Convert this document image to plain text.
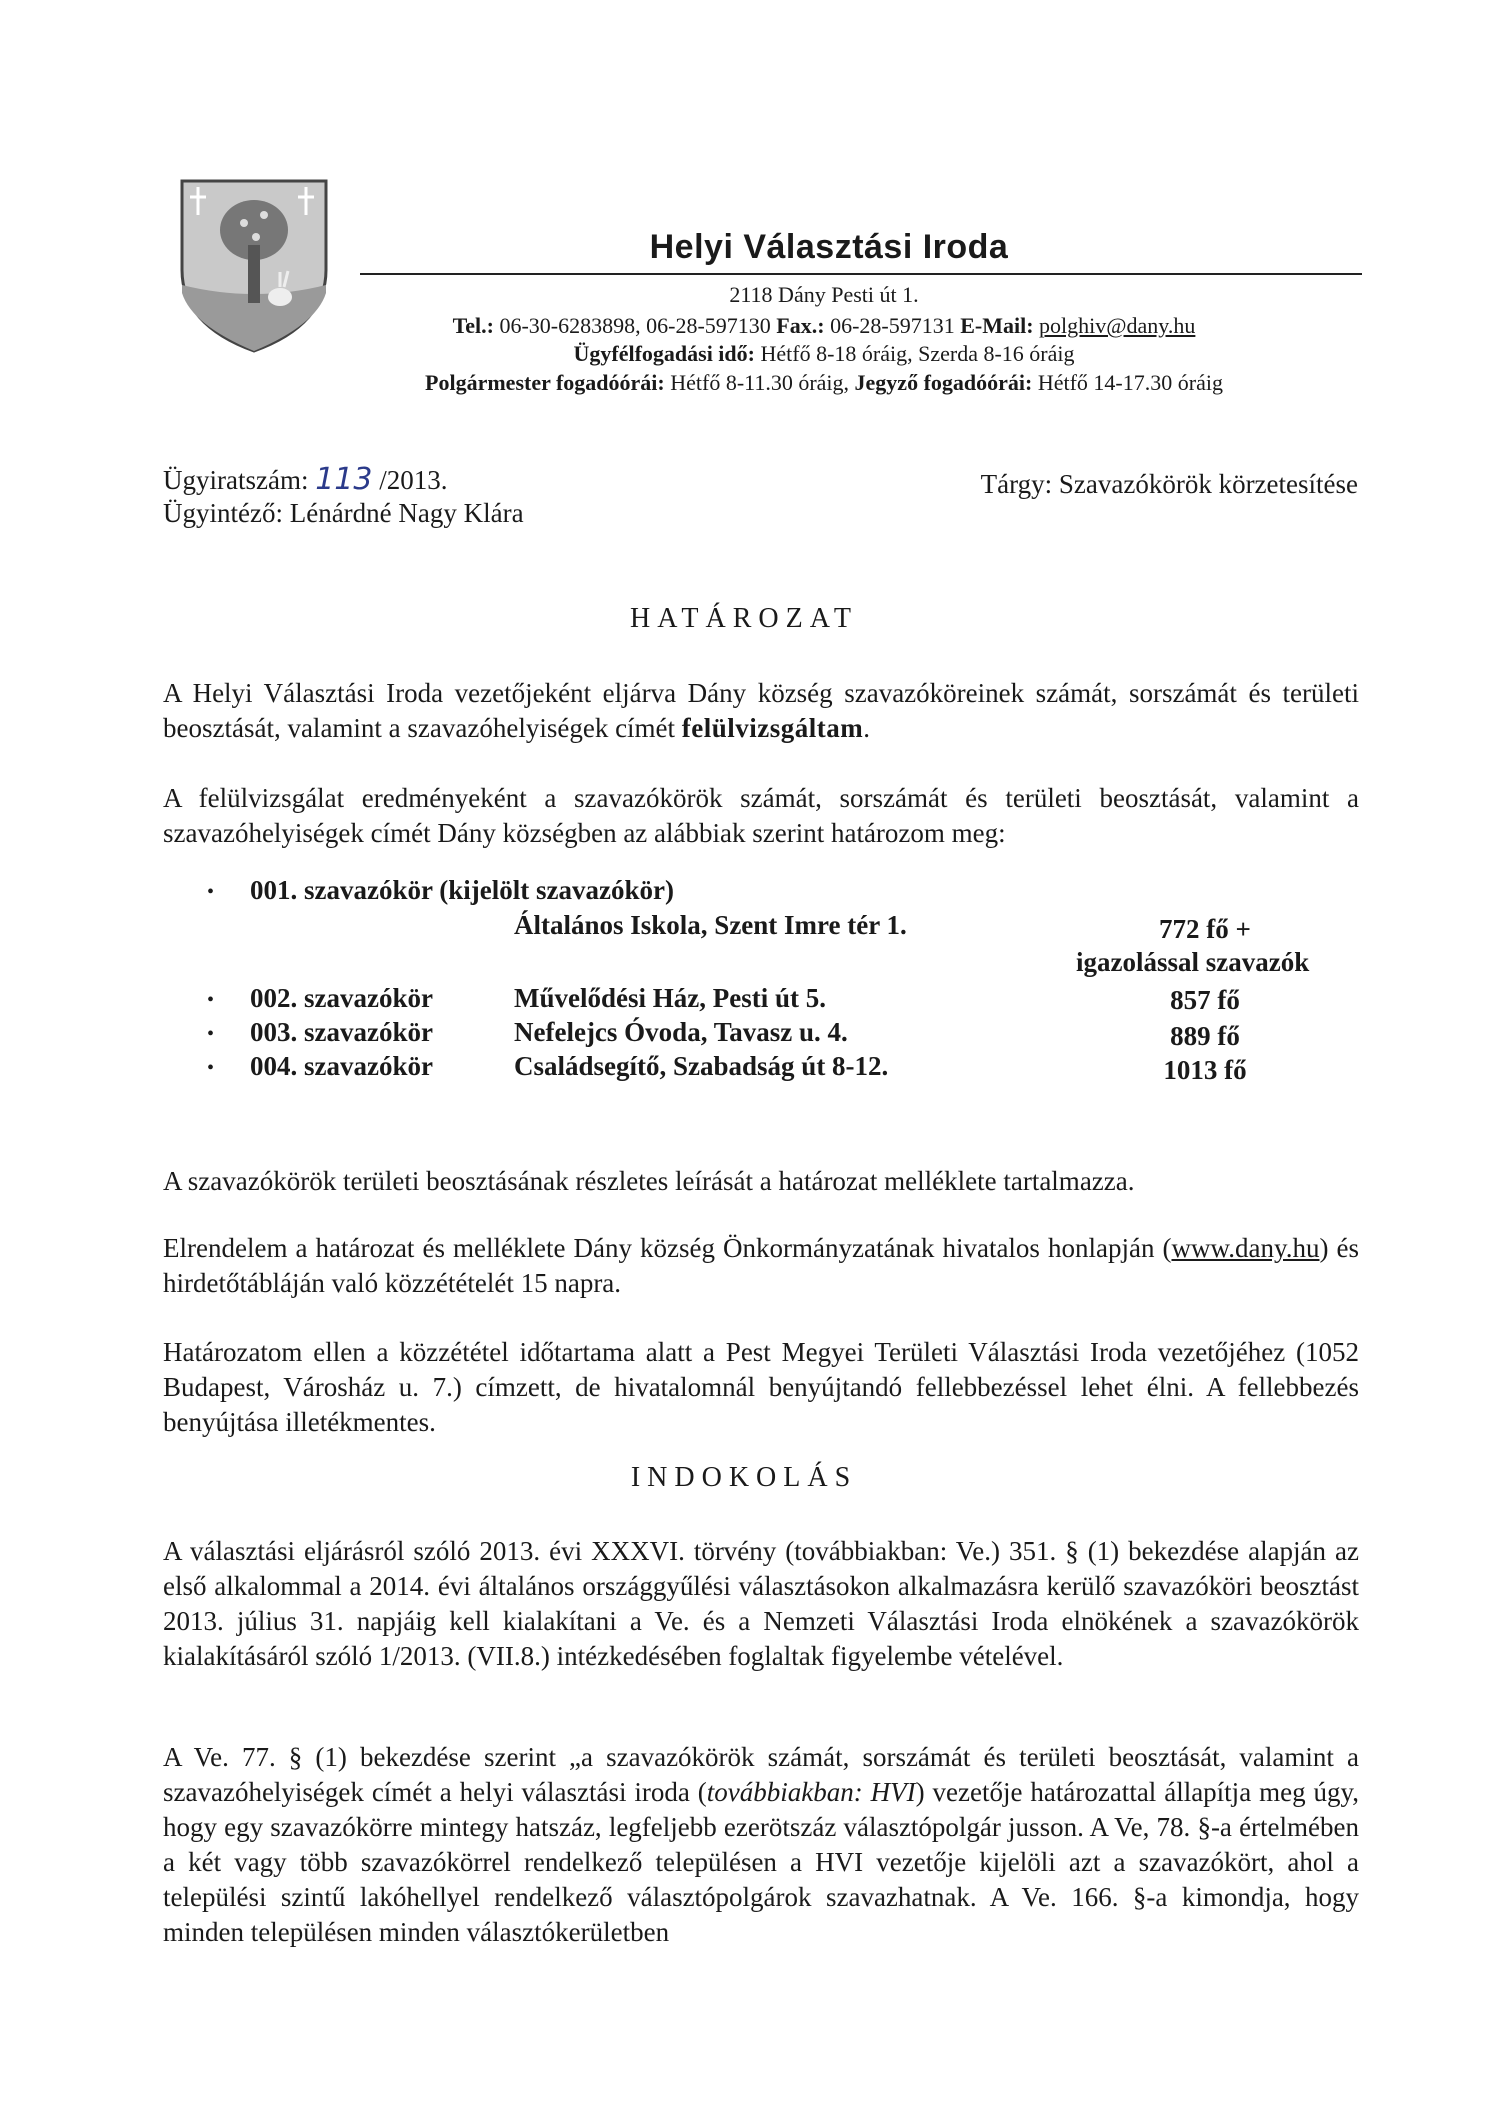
Helyi Választási Iroda
2118 Dány Pesti út 1.
Tel.: 06-30-6283898, 06-28-597130 Fax.: 06-28-597131 E-Mail: polghiv@dany.hu
Ügyfélfogadási idő: Hétfő 8-18 óráig, Szerda 8-16 óráig
Polgármester fogadóórái: Hétfő 8-11.30 óráig, Jegyző fogadóórái: Hétfő 14-17.30 óráig
Ügyiratszám: 113 /2013.
Ügyintéző: Lénárdné Nagy Klára
Tárgy: Szavazókörök körzetesítése
HATÁROZAT
A Helyi Választási Iroda vezetőjeként eljárva Dány község szavazóköreinek számát, sorszámát és területi beosztását, valamint a szavazóhelyiségek címét felülvizsgáltam.
A felülvizsgálat eredményeként a szavazókörök számát, sorszámát és területi beosztását, valamint a szavazóhelyiségek címét Dány községben az alábbiak szerint határozom meg:
• 001. szavazókör (kijelölt szavazókör)
Általános Iskola, Szent Imre tér 1.	772 fő +
igazolással szavazók
• 002. szavazókör	Művelődési Ház, Pesti út 5.	857 fő
• 003. szavazókör	Nefelejcs Óvoda, Tavasz u. 4.	889 fő
• 004. szavazókör	Családsegítő, Szabadság út 8-12.	1013 fő
A szavazókörök területi beosztásának részletes leírását a határozat melléklete tartalmazza.
Elrendelem a határozat és melléklete Dány község Önkormányzatának hivatalos honlapján (www.dany.hu) és hirdetőtábláján való közzétételét 15 napra.
Határozatom ellen a közzététel időtartama alatt a Pest Megyei Területi Választási Iroda vezetőjéhez (1052 Budapest, Városház u. 7.) címzett, de hivatalomnál benyújtandó fellebbezéssel lehet élni. A fellebbezés benyújtása illetékmentes.
INDOKOLÁS
A választási eljárásról szóló 2013. évi XXXVI. törvény (továbbiakban: Ve.) 351. § (1) bekezdése alapján az első alkalommal a 2014. évi általános országgyűlési választásokon alkalmazásra kerülő szavazóköri beosztást 2013. július 31. napjáig kell kialakítani a Ve. és a Nemzeti Választási Iroda elnökének a szavazókörök kialakításáról szóló 1/2013. (VII.8.) intézkedésében foglaltak figyelembe vételével.
A Ve. 77. § (1) bekezdése szerint „a szavazókörök számát, sorszámát és területi beosztását, valamint a szavazóhelyiségek címét a helyi választási iroda (továbbiakban: HVI) vezetője határozattal állapítja meg úgy, hogy egy szavazókörre mintegy hatszáz, legfeljebb ezerötszáz választópolgár jusson. A Ve, 78. §-a értelmében a két vagy több szavazókörrel rendelkező településen a HVI vezetője kijelöli azt a szavazókört, ahol a települési szintű lakóhellyel rendelkező választópolgárok szavazhatnak. A Ve. 166. §-a kimondja, hogy minden településen minden választókerületben
